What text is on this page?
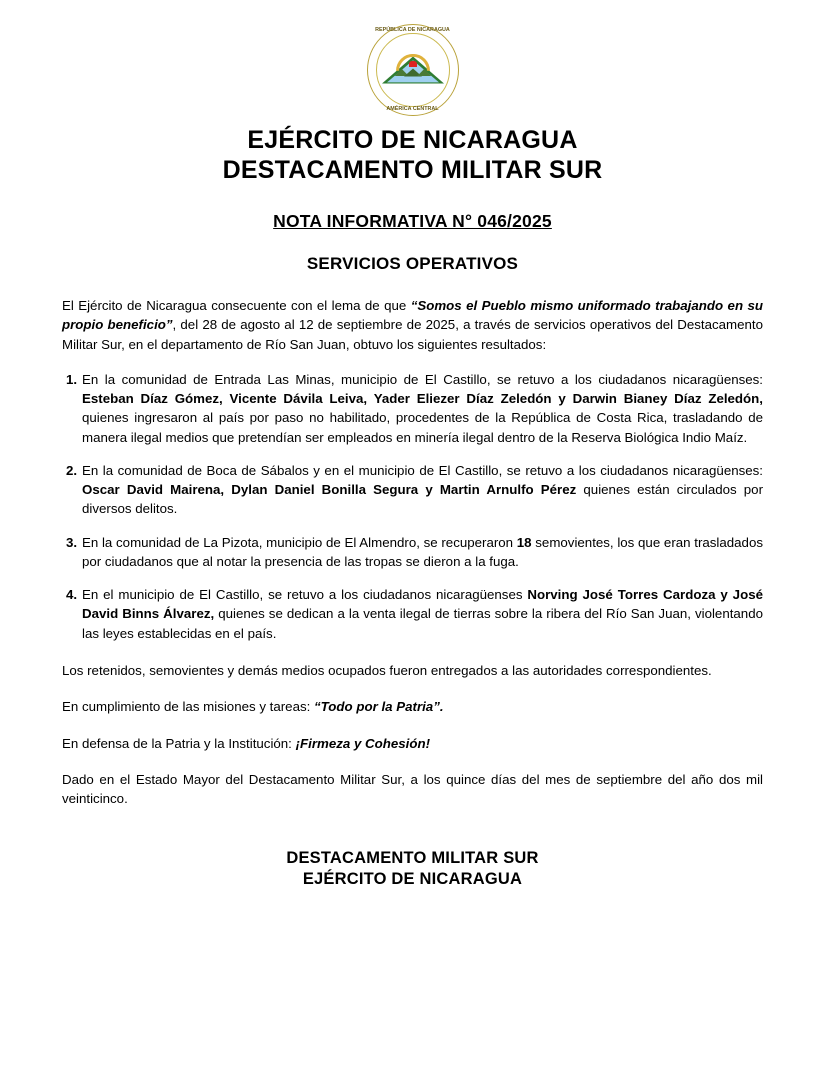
REPÚBLICA DE NICARAGUA
AMÉRICA CENTRAL
EJÉRCITO DE NICARAGUA
DESTACAMENTO MILITAR SUR
NOTA INFORMATIVA N° 046/2025
SERVICIOS OPERATIVOS

El Ejército de Nicaragua consecuente con el lema de que “Somos el Pueblo mismo uniformado trabajando en su propio beneficio”, del 28 de agosto al 12 de septiembre de 2025, a través de servicios operativos del Destacamento Militar Sur, en el departamento de Río San Juan, obtuvo los siguientes resultados:

1. En la comunidad de Entrada Las Minas, municipio de El Castillo, se retuvo a los ciudadanos nicaragüenses: Esteban Díaz Gómez, Vicente Dávila Leiva, Yader Eliezer Díaz Zeledón y Darwin Bianey Díaz Zeledón, quienes ingresaron al país por paso no habilitado, procedentes de la República de Costa Rica, trasladando de manera ilegal medios que pretendían ser empleados en minería ilegal dentro de la Reserva Biológica Indio Maíz.
2. En la comunidad de Boca de Sábalos y en el municipio de El Castillo, se retuvo a los ciudadanos nicaragüenses: Oscar David Mairena, Dylan Daniel Bonilla Segura y Martin Arnulfo Pérez quienes están circulados por diversos delitos.
3. En la comunidad de La Pizota, municipio de El Almendro, se recuperaron 18 semovientes, los que eran trasladados por ciudadanos que al notar la presencia de las tropas se dieron a la fuga.
4. En el municipio de El Castillo, se retuvo a los ciudadanos nicaragüenses Norving José Torres Cardoza y José David Binns Álvarez, quienes se dedican a la venta ilegal de tierras sobre la ribera del Río San Juan, violentando las leyes establecidas en el país.

Los retenidos, semovientes y demás medios ocupados fueron entregados a las autoridades correspondientes.

En cumplimiento de las misiones y tareas: “Todo por la Patria”.

En defensa de la Patria y la Institución: ¡Firmeza y Cohesión!

Dado en el Estado Mayor del Destacamento Militar Sur, a los quince días del mes de septiembre del año dos mil veinticinco.

DESTACAMENTO MILITAR SUR
EJÉRCITO DE NICARAGUA
